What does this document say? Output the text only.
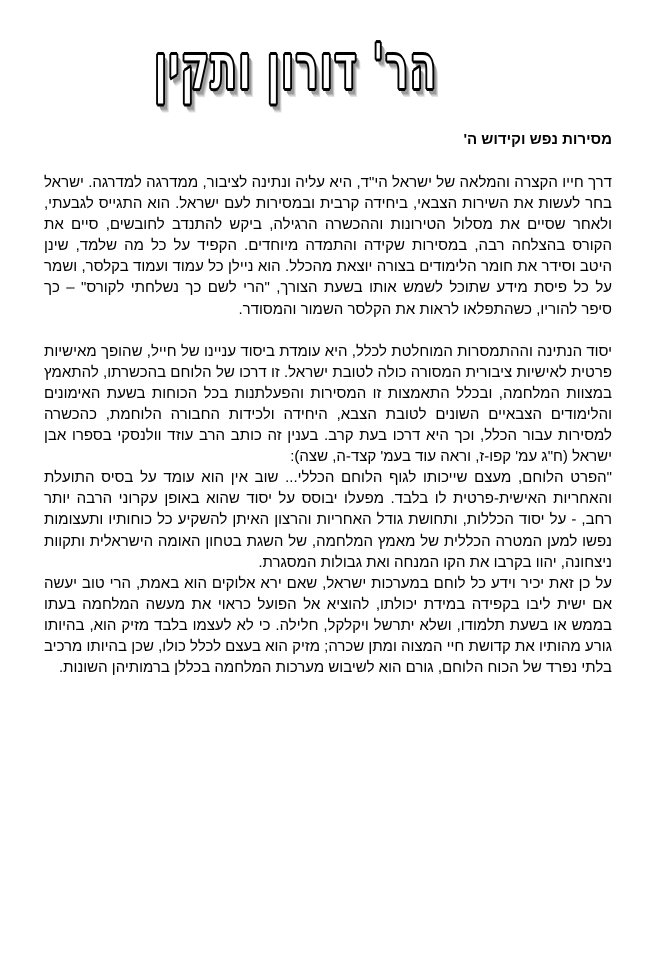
הר' דורון ותקין
מסירות נפש וקידוש ה'

דרך חייו הקצרה והמלאה של ישראל הי"ד, היא עליה ונתינה לציבור, ממדרגה למדרגה. ישראל בחר לעשות את השירות הצבאי, ביחידה קרבית ובמסירות לעם ישראל. הוא התגייס לגבעתי, ולאחר שסיים את מסלול הטירונות וההכשרה הרגילה, ביקש להתנדב לחובשים, סיים את הקורס בהצלחה רבה, במסירות שקידה והתמדה מיוחדים. הקפיד על כל מה שלמד, שינן היטב וסידר את חומר הלימודים בצורה יוצאת מהכלל. הוא ניילן כל עמוד ועמוד בקלסר, ושמר על כל פיסת מידע שתוכל לשמש אותו בשעת הצורך, "הרי לשם כך נשלחתי לקורס" – כך סיפר להוריו, כשהתפלאו לראות את הקלסר השמור והמסודר.

יסוד הנתינה וההתמסרות המוחלטת לכלל, היא עומדת ביסוד עניינו של חייל, שהופך מאישיות פרטית לאישיות ציבורית המסורה כולה לטובת ישראל. זו דרכו של הלוחם בהכשרתו, להתאמץ במצוות המלחמה, ובכלל התאמצות זו המסירות והפעלתנות בכל הכוחות בשעת האימונים והלימודים הצבאיים השונים לטובת הצבא, היחידה ולכידות החבורה הלוחמת, כהכשרה למסירות עבור הכלל, וכך היא דרכו בעת קרב. בענין זה כותב הרב עוזד וולנסקי בספרו אבן ישראל (ח"ג עמ' קפו-ז, וראה עוד בעמ' קצד-ה, שצה):

"הפרט הלוחם, מעצם שייכותו לגוף הלוחם הכללי... שוב אין הוא עומד על בסיס התועלת והאחריות האישית-פרטית לו בלבד. מפעלו יבוסס על יסוד שהוא באופן עקרוני הרבה יותר רחב, - על יסוד הכללות, ותחושת גודל האחריות והרצון האיתן להשקיע כל כוחותיו ותעצומות נפשו למען המטרה הכללית של מאמץ המלחמה, של השגת בטחון האומה הישראלית ותקוות ניצחונה, יהוו בקרבו את הקו המנחה ואת גבולות המסגרת.

על כן זאת יכיר וידע כל לוחם במערכות ישראל, שאם ירא אלוקים הוא באמת, הרי טוב יעשה אם ישית ליבו בקפידה במידת יכולתו, להוציא אל הפועל כראוי את מעשה המלחמה בעתו בממש או בשעת תלמודו, ושלא יתרשל ויקלקל, חלילה. כי לא לעצמו בלבד מזיק הוא, בהיותו גורע מהותיו את קדושת חיי המצוה ומתן שכרה; מזיק הוא בעצם לכלל כולו, שכן בהיותו מרכיב בלתי נפרד של הכוח הלוחם, גורם הוא לשיבוש מערכות המלחמה בכללן ברמותיהן השונות.
